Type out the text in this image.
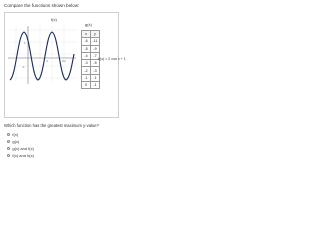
Compare the functions shown below:
f(x)
π	2π
1
-1
g(x)
x	y
-6	-11
-5	-9
-4	-7
-3	-5
-2	-3
-1	-1
0	-1
h(x) = 2 cos x + 1
Which function has the greatest maximum y-value?
f(x)
g(x)
g(x) and f(x)
f(x) and h(x)
